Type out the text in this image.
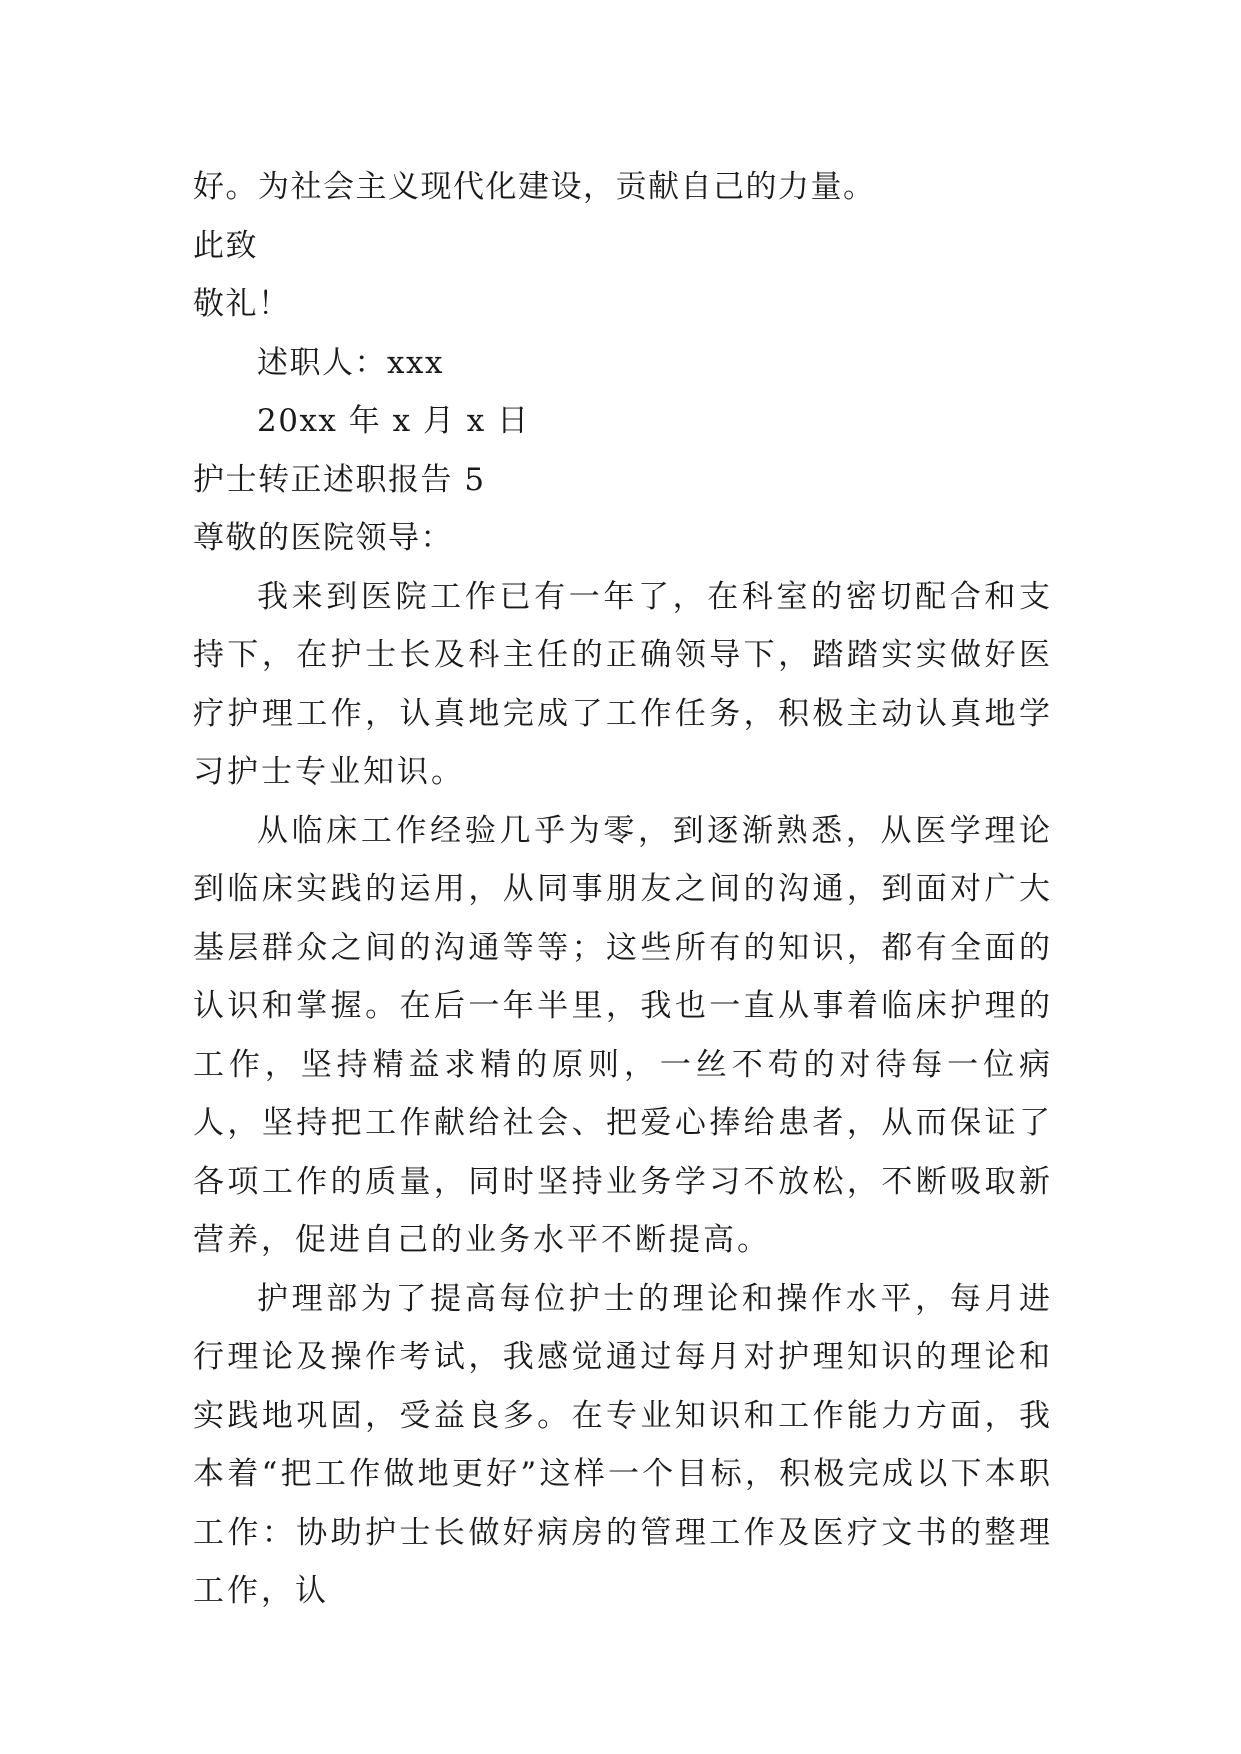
好。为社会主义现代化建设，贡献自己的力量。

此致

敬礼！

述职人：xxx

20xx 年 x 月 x 日

护士转正述职报告 5

尊敬的医院领导：

我来到医院工作已有一年了，在科室的密切配合和支持下，在护士长及科主任的正确领导下，踏踏实实做好医疗护理工作，认真地完成了工作任务，积极主动认真地学习护士专业知识。

从临床工作经验几乎为零，到逐渐熟悉，从医学理论到临床实践的运用，从同事朋友之间的沟通，到面对广大基层群众之间的沟通等等；这些所有的知识，都有全面的认识和掌握。在后一年半里，我也一直从事着临床护理的工作，坚持精益求精的原则，一丝不苟的对待每一位病人，坚持把工作献给社会、把爱心捧给患者，从而保证了各项工作的质量，同时坚持业务学习不放松，不断吸取新营养，促进自己的业务水平不断提高。

护理部为了提高每位护士的理论和操作水平，每月进行理论及操作考试，我感觉通过每月对护理知识的理论和实践地巩固，受益良多。在专业知识和工作能力方面，我本着“把工作做地更好”这样一个目标，积极完成以下本职工作：协助护士长做好病房的管理工作及医疗文书的整理工作，认
